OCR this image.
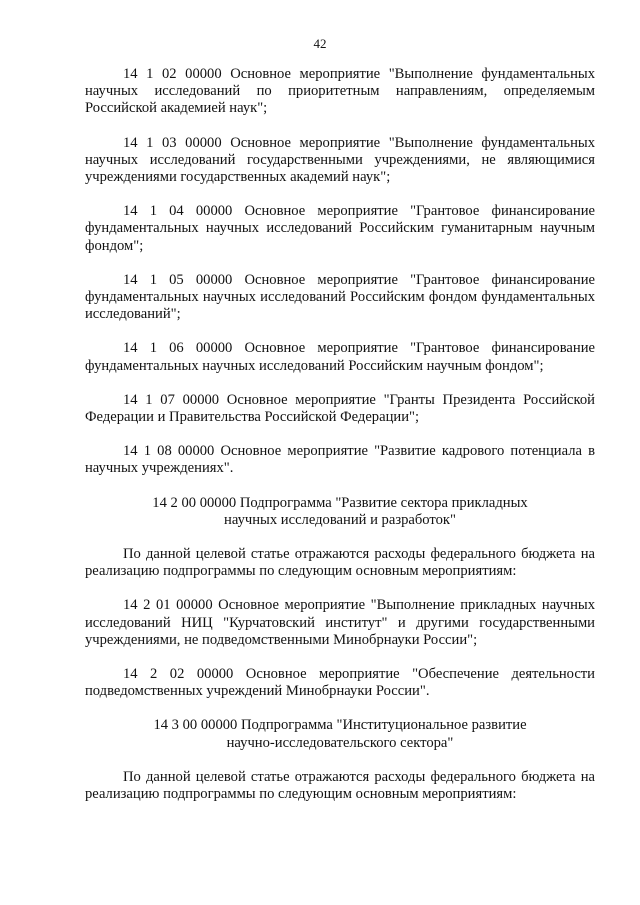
42

14 1 02 00000 Основное мероприятие "Выполнение фундаментальных научных исследований по приоритетным направлениям, определяемым Российской академией наук";

14 1 03 00000 Основное мероприятие "Выполнение фундаментальных научных исследований государственными учреждениями, не являющимися учреждениями государственных академий наук";

14 1 04 00000 Основное мероприятие "Грантовое финансирование фундаментальных научных исследований Российским гуманитарным научным фондом";

14 1 05 00000 Основное мероприятие "Грантовое финансирование фундаментальных научных исследований Российским фондом фундаментальных исследований";

14 1 06 00000 Основное мероприятие "Грантовое финансирование фундаментальных научных исследований Российским научным фондом";

14 1 07 00000 Основное мероприятие "Гранты Президента Российской Федерации и Правительства Российской Федерации";

14 1 08 00000 Основное мероприятие "Развитие кадрового потенциала в научных учреждениях".

14 2 00 00000 Подпрограмма "Развитие сектора прикладных
научных исследований и разработок"

По данной целевой статье отражаются расходы федерального бюджета на реализацию подпрограммы по следующим основным мероприятиям:

14 2 01 00000 Основное мероприятие "Выполнение прикладных научных исследований НИЦ "Курчатовский институт" и другими государственными учреждениями, не подведомственными Минобрнауки России";

14 2 02 00000 Основное мероприятие "Обеспечение деятельности подведомственных учреждений Минобрнауки России".

14 3 00 00000 Подпрограмма "Институциональное развитие
научно-исследовательского сектора"

По данной целевой статье отражаются расходы федерального бюджета на реализацию подпрограммы по следующим основным мероприятиям:
